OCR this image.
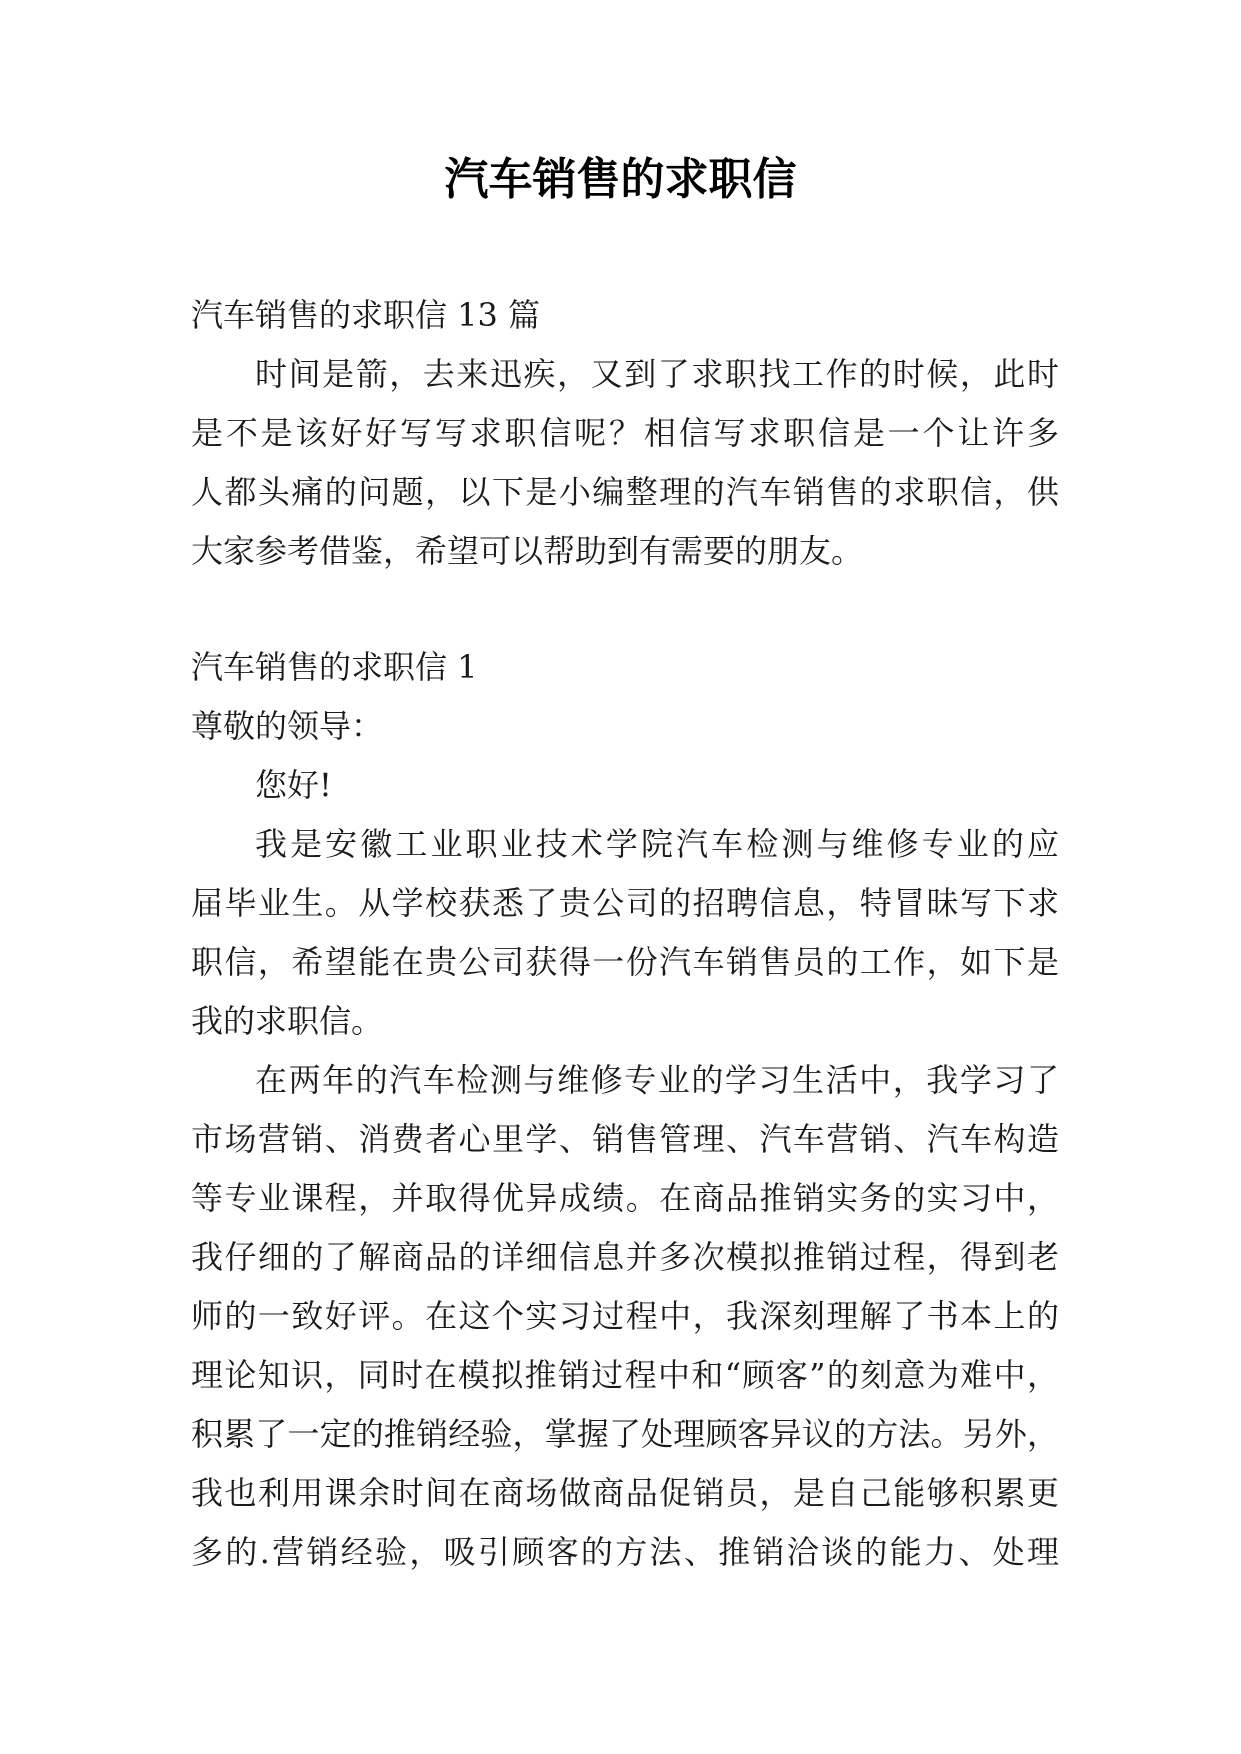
汽车销售的求职信

汽车销售的求职信 13 篇

时间是箭，去来迅疾，又到了求职找工作的时候，此时

是不是该好好写写求职信呢？相信写求职信是一个让许多

人都头痛的问题，以下是小编整理的汽车销售的求职信，供

大家参考借鉴，希望可以帮助到有需要的朋友。

汽车销售的求职信 1

尊敬的领导：

您好!

我是安徽工业职业技术学院汽车检测与维修专业的应

届毕业生。从学校获悉了贵公司的招聘信息，特冒昧写下求

职信，希望能在贵公司获得一份汽车销售员的工作，如下是

我的求职信。

在两年的汽车检测与维修专业的学习生活中，我学习了

市场营销、消费者心里学、销售管理、汽车营销、汽车构造

等专业课程，并取得优异成绩。在商品推销实务的实习中，

我仔细的了解商品的详细信息并多次模拟推销过程，得到老

师的一致好评。在这个实习过程中，我深刻理解了书本上的

理论知识，同时在模拟推销过程中和“顾客”的刻意为难中，

积累了一定的推销经验，掌握了处理顾客异议的方法。另外，

我也利用课余时间在商场做商品促销员，是自己能够积累更

多的.营销经验，吸引顾客的方法、推销洽谈的能力、处理
